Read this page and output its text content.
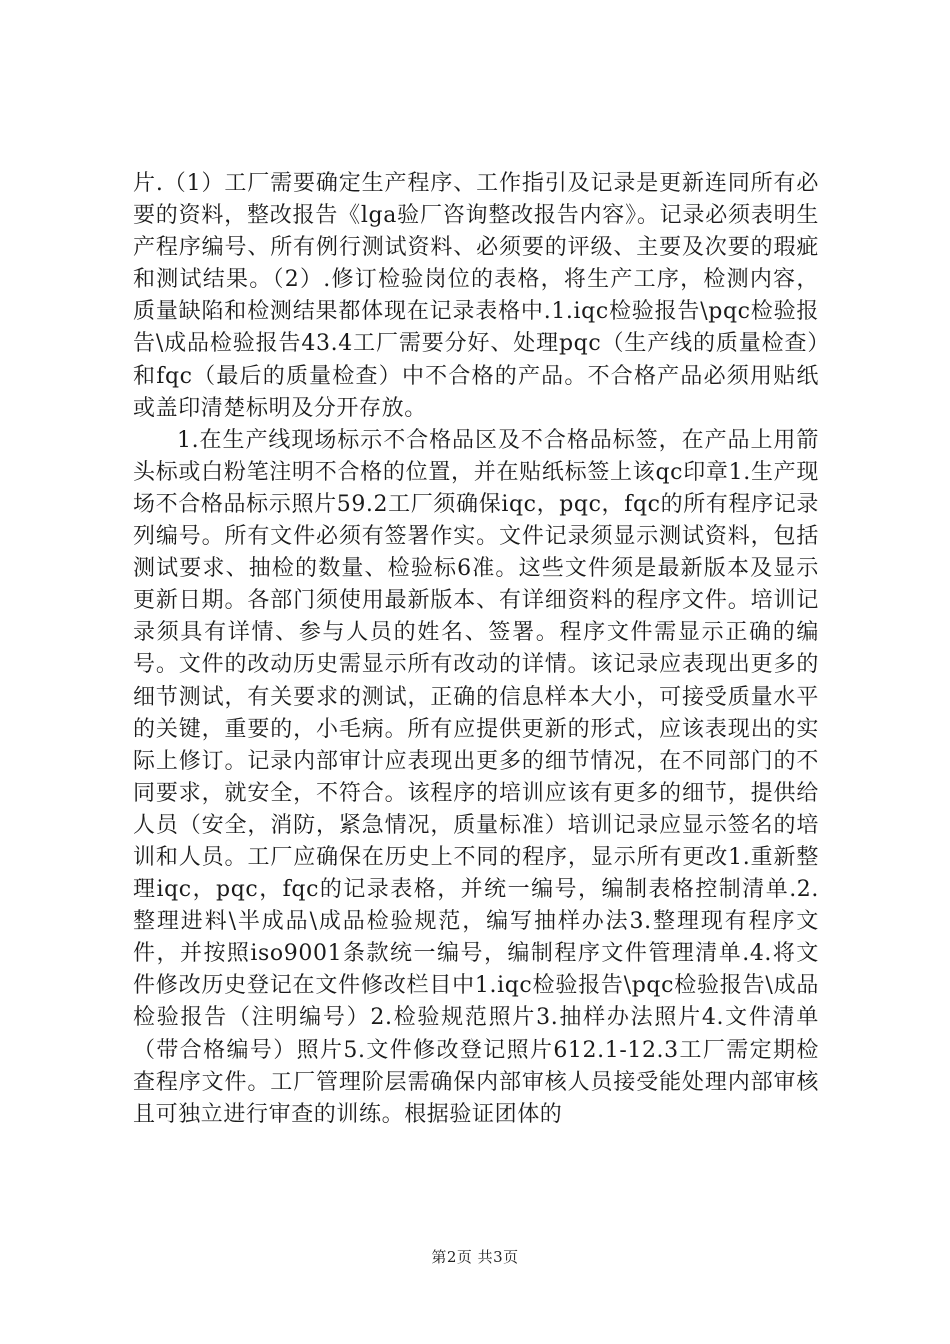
片.（1）工厂需要确定生产程序、工作指引及记录是更新连同所有必要的资料，整改报告《lga验厂咨询整改报告内容》。记录必须表明生产程序编号、所有例行测试资料、必须要的评级、主要及次要的瑕疵和测试结果。（2）.修订检验岗位的表格，将生产工序，检测内容，质量缺陷和检测结果都体现在记录表格中.1.iqc检验报告\pqc检验报告\成品检验报告43.4工厂需要分好、处理pqc（生产线的质量检查）和fqc（最后的质量检查）中不合格的产品。不合格产品必须用贴纸或盖印清楚标明及分开存放。

1.在生产线现场标示不合格品区及不合格品标签，在产品上用箭头标或白粉笔注明不合格的位置，并在贴纸标签上该qc印章1.生产现场不合格品标示照片59.2工厂须确保iqc，pqc，fqc的所有程序记录列编号。所有文件必须有签署作实。文件记录须显示测试资料，包括测试要求、抽检的数量、检验标6准。这些文件须是最新版本及显示更新日期。各部门须使用最新版本、有详细资料的程序文件。培训记录须具有详情、参与人员的姓名、签署。程序文件需显示正确的编号。文件的改动历史需显示所有改动的详情。该记录应表现出更多的细节测试，有关要求的测试，正确的信息样本大小，可接受质量水平的关键，重要的，小毛病。所有应提供更新的形式，应该表现出的实际上修订。记录内部审计应表现出更多的细节情况，在不同部门的不同要求，就安全，不符合。该程序的培训应该有更多的细节，提供给人员（安全，消防，紧急情况，质量标准）培训记录应显示签名的培训和人员。工厂应确保在历史上不同的程序，显示所有更改1.重新整理iqc，pqc，fqc的记录表格，并统一编号，编制表格控制清单.2.整理进料\半成品\成品检验规范，编写抽样办法3.整理现有程序文件，并按照iso9001条款统一编号，编制程序文件管理清单.4.将文件修改历史登记在文件修改栏目中1.iqc检验报告\pqc检验报告\成品检验报告（注明编号）2.检验规范照片3.抽样办法照片4.文件清单（带合格编号）照片5.文件修改登记照片612.1-12.3工厂需定期检查程序文件。工厂管理阶层需确保内部审核人员接受能处理内部审核且可独立进行审查的训练。根据验证团体的

第2页 共3页
